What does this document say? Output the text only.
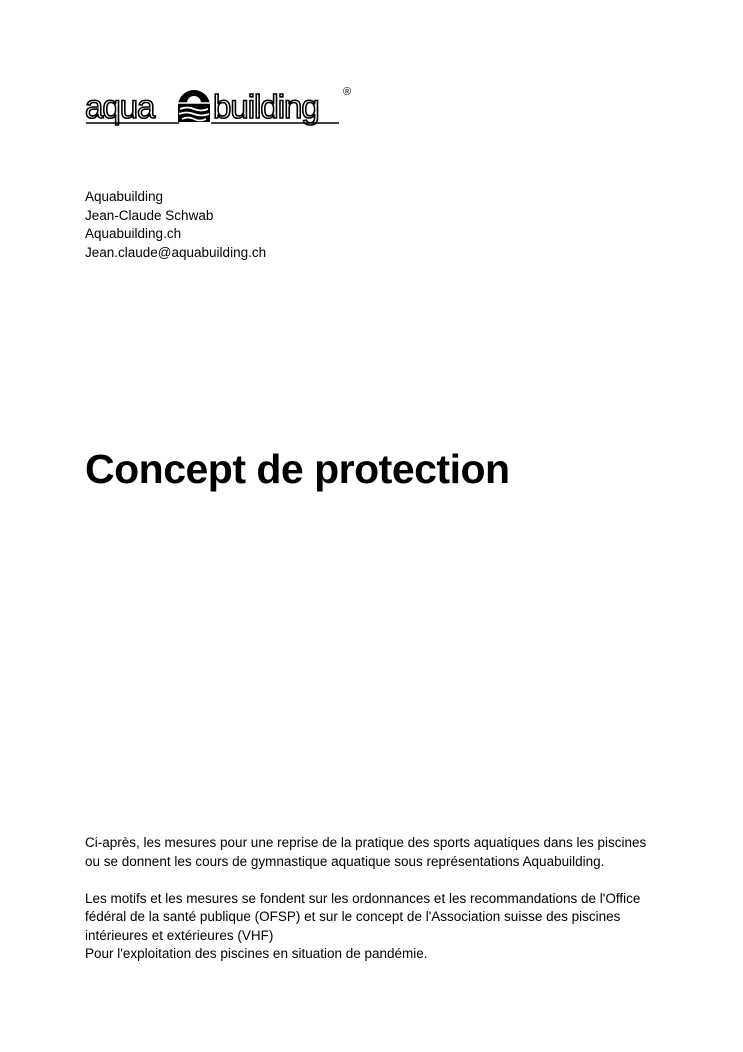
aqua building ®
Aquabuilding
Jean-Claude Schwab
Aquabuilding.ch
Jean.claude@aquabuilding.ch
Concept de protection

Ci-après, les mesures pour une reprise de la pratique des sports aquatiques dans les piscines
ou se donnent les cours de gymnastique aquatique sous représentations Aquabuilding.

Les motifs et les mesures se fondent sur les ordonnances et les recommandations de l'Office
fédéral de la santé publique (OFSP) et sur le concept de l'Association suisse des piscines
intérieures et extérieures (VHF)
Pour l'exploitation des piscines en situation de pandémie.
